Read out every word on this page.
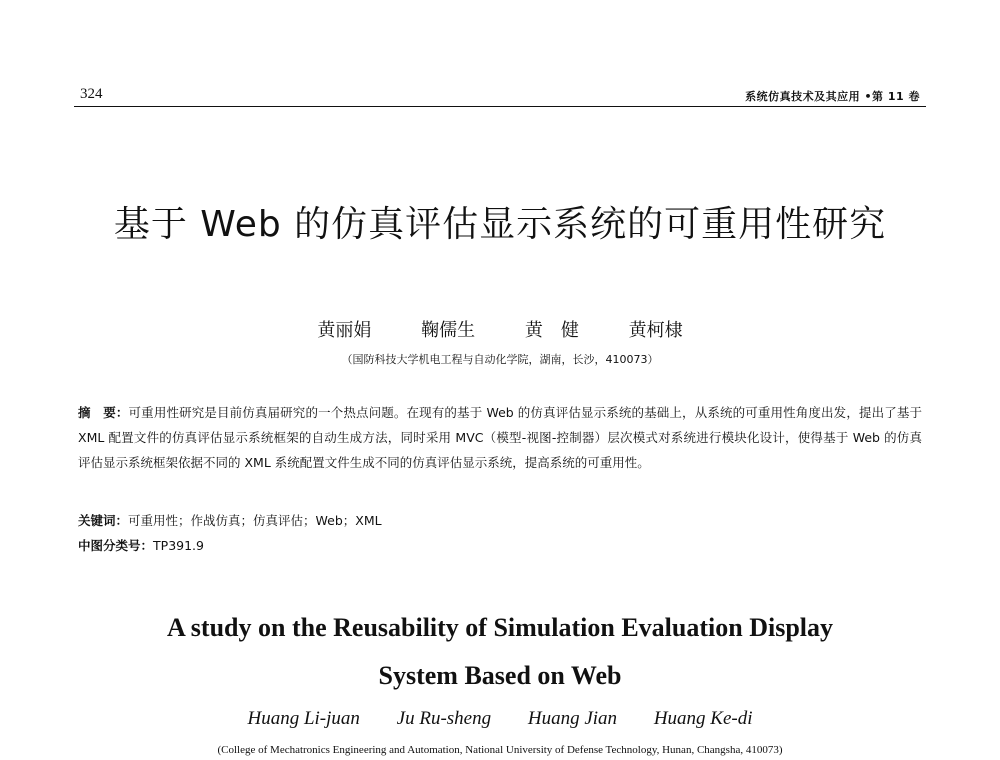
324	系统仿真技术及其应用 •第 11 卷
基于 Web 的仿真评估显示系统的可重用性研究
黄丽娟	鞠儒生	黄　健	黄柯棣
（国防科技大学机电工程与自动化学院，湖南，长沙，410073）
摘　要：可重用性研究是目前仿真届研究的一个热点问题。在现有的基于 Web 的仿真评估显示系统的基础上，从系统的可重用性角度出发，提出了基于 XML 配置文件的仿真评估显示系统框架的自动生成方法，同时采用 MVC（模型-视图-控制器）层次模式对系统进行模块化设计，使得基于 Web 的仿真评估显示系统框架依据不同的 XML 系统配置文件生成不同的仿真评估显示系统，提高系统的可重用性。
关键词：可重用性；作战仿真；仿真评估；Web；XML
中图分类号：TP391.9
A study on the Reusability of Simulation Evaluation Display
System Based on Web
Huang Li-juan Ju Ru-sheng Huang Jian Huang Ke-di
(College of Mechatronics Engineering and Automation, National University of Defense Technology, Hunan, Changsha, 410073)
